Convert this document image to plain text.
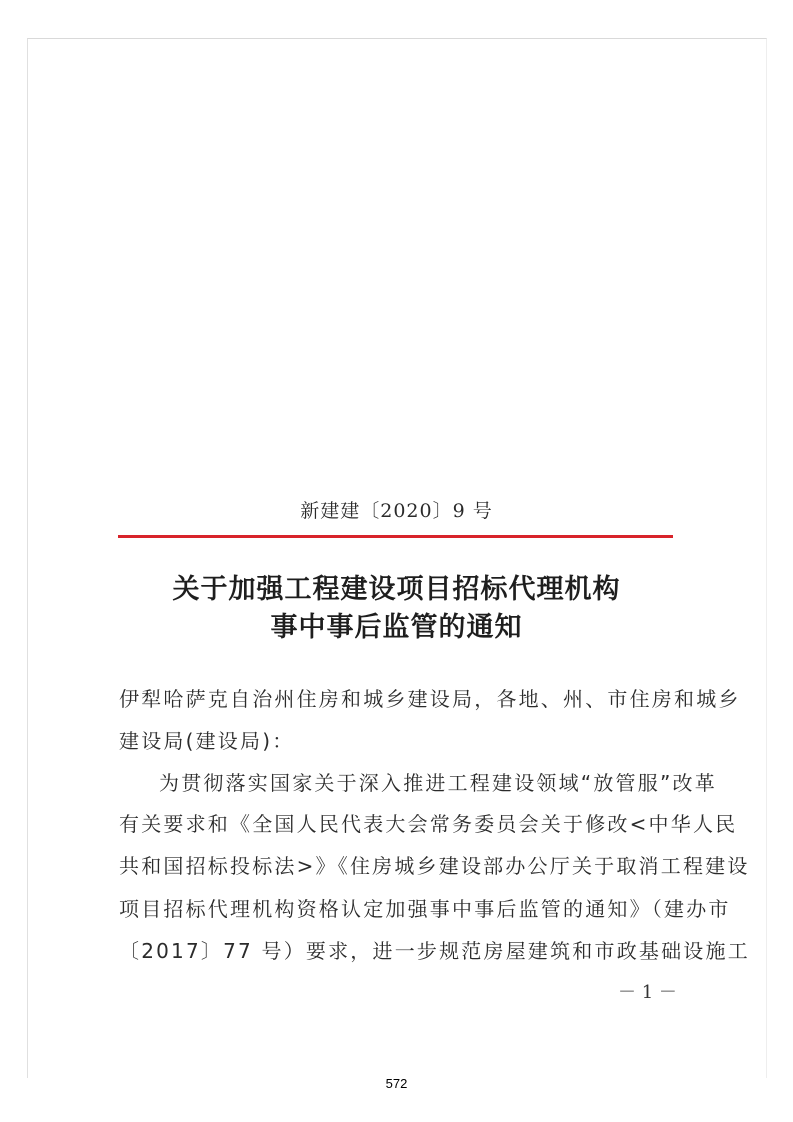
新建建〔2020〕9 号
关于加强工程建设项目招标代理机构
事中事后监管的通知
伊犁哈萨克自治州住房和城乡建设局，各地、州、市住房和城乡
建设局(建设局)：
为贯彻落实国家关于深入推进工程建设领域“放管服”改革
有关要求和《全国人民代表大会常务委员会关于修改<中华人民
共和国招标投标法>》《住房城乡建设部办公厅关于取消工程建设
项目招标代理机构资格认定加强事中事后监管的通知》（建办市
〔2017〕77 号）要求，进一步规范房屋建筑和市政基础设施工
－ 1 －
572
